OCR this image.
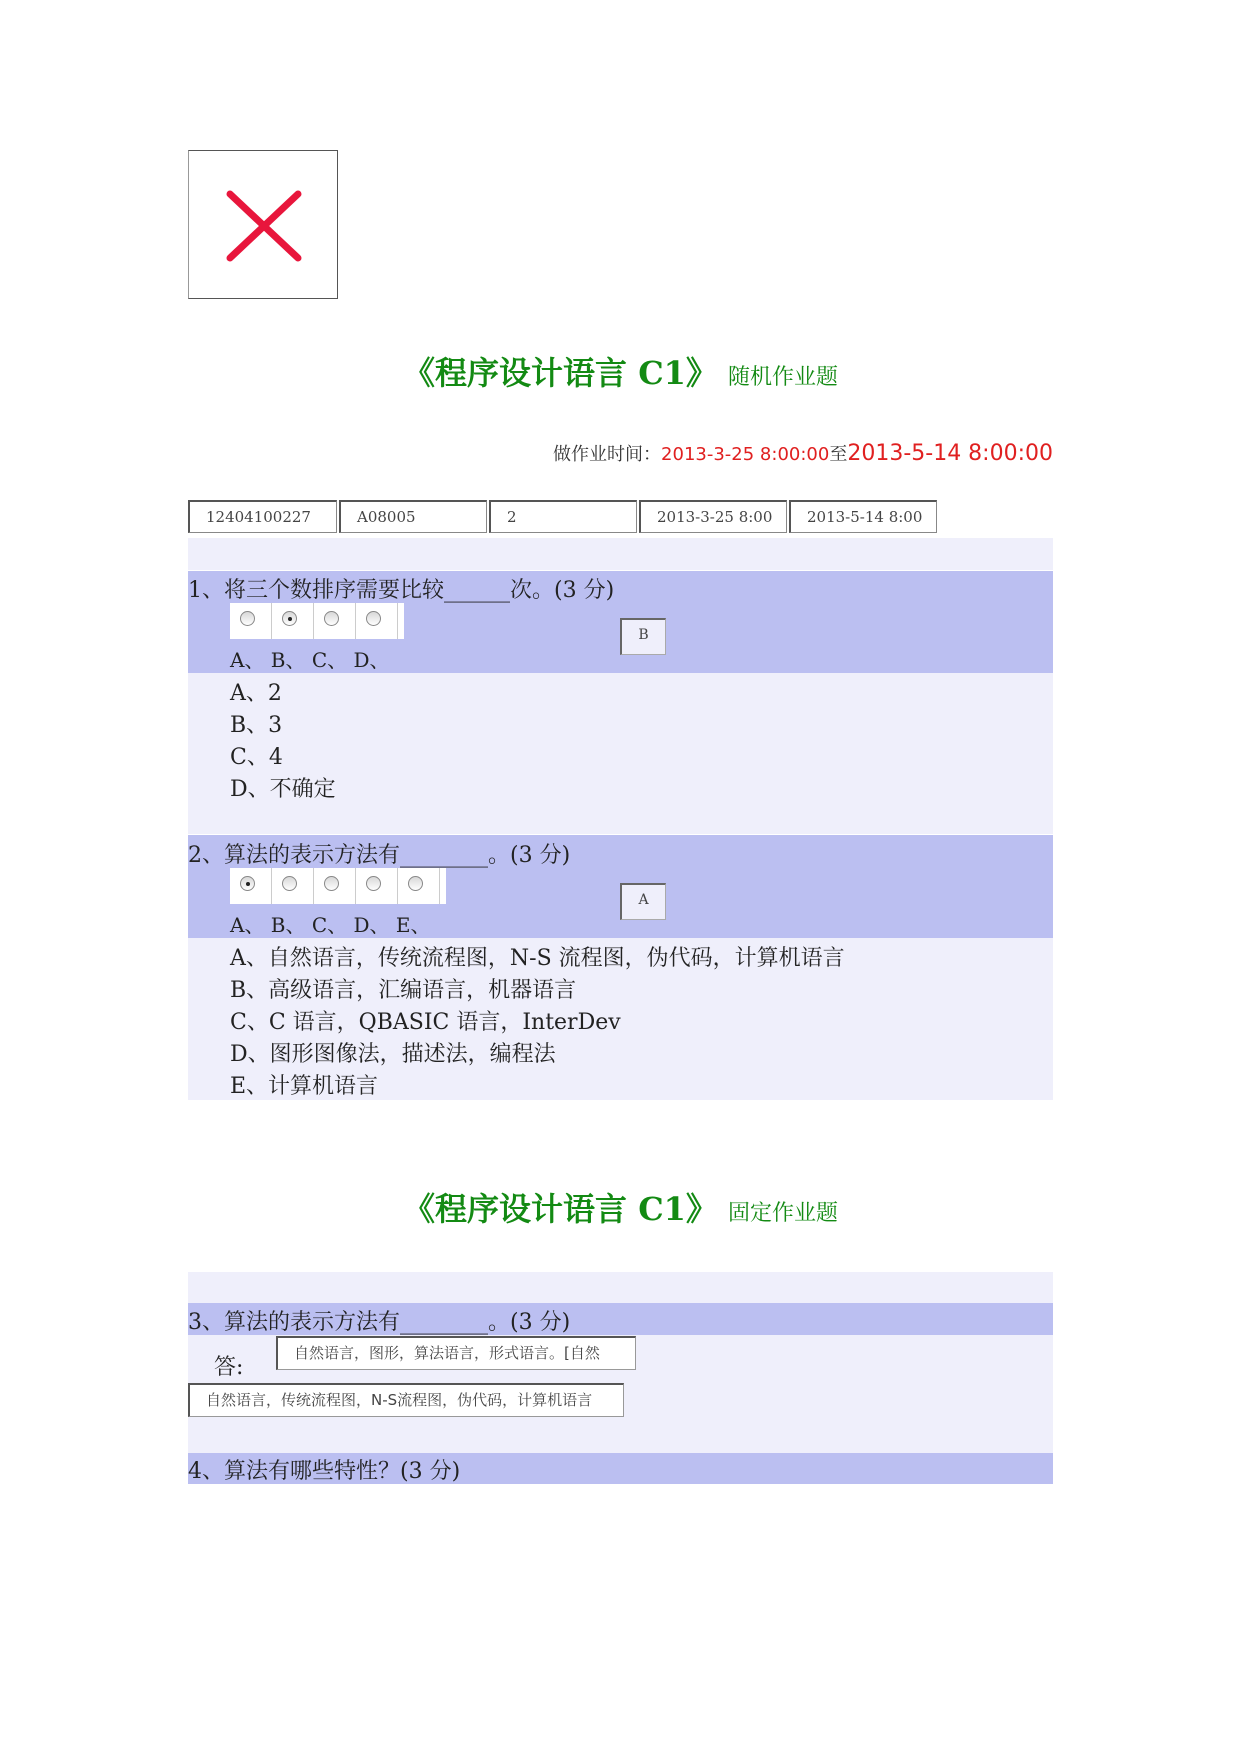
《程序设计语言 C1》 随机作业题
做作业时间：2013-3-25 8:00:00至2013-5-14 8:00:00
12404100227	A08005	2	2013-3-25 8:00	2013-5-14 8:00
1、将三个数排序需要比较______次。(3 分)
A、 B、 C、 D、
B
A、2
B、3
C、4
D、不确定
2、算法的表示方法有________。(3 分)
A、 B、 C、 D、 E、
A
A、自然语言，传统流程图，N-S 流程图，伪代码，计算机语言
B、高级语言，汇编语言，机器语言
C、C 语言，QBASIC 语言，InterDev
D、图形图像法，描述法，编程法
E、计算机语言
《程序设计语言 C1》 固定作业题
3、算法的表示方法有________。(3 分)
答:
自然语言，图形，算法语言，形式语言。[自然
自然语言，传统流程图，N-S流程图，伪代码，计算机语言
4、算法有哪些特性？(3 分)
